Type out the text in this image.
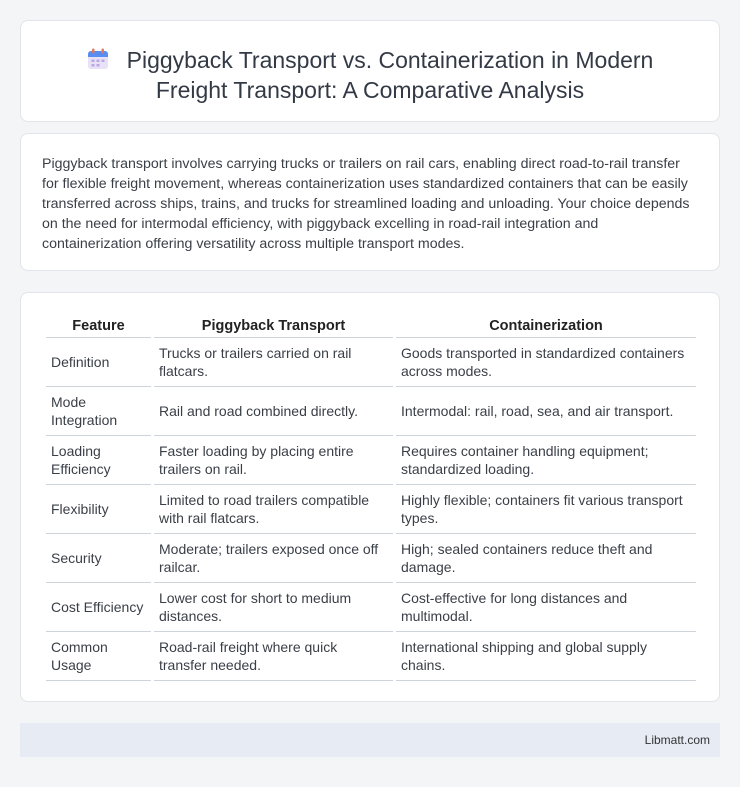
Piggyback Transport vs. Containerization in Modern
Freight Transport: A Comparative Analysis

Piggyback transport involves carrying trucks or trailers on rail cars, enabling direct road-to-rail transfer for flexible freight movement, whereas containerization uses standardized containers that can be easily transferred across ships, trains, and trucks for streamlined loading and unloading. Your choice depends on the need for intermodal efficiency, with piggyback excelling in road-rail integration and containerization offering versatility across multiple transport modes.

Feature	Piggyback Transport	Containerization
Definition	Trucks or trailers carried on rail flatcars.	Goods transported in standardized containers across modes.
Mode Integration	Rail and road combined directly.	Intermodal: rail, road, sea, and air transport.
Loading Efficiency	Faster loading by placing entire trailers on rail.	Requires container handling equipment; standardized loading.
Flexibility	Limited to road trailers compatible with rail flatcars.	Highly flexible; containers fit various transport types.
Security	Moderate; trailers exposed once off railcar.	High; sealed containers reduce theft and damage.
Cost Efficiency	Lower cost for short to medium distances.	Cost-effective for long distances and multimodal.
Common Usage	Road-rail freight where quick transfer needed.	International shipping and global supply chains.
Libmatt.com
